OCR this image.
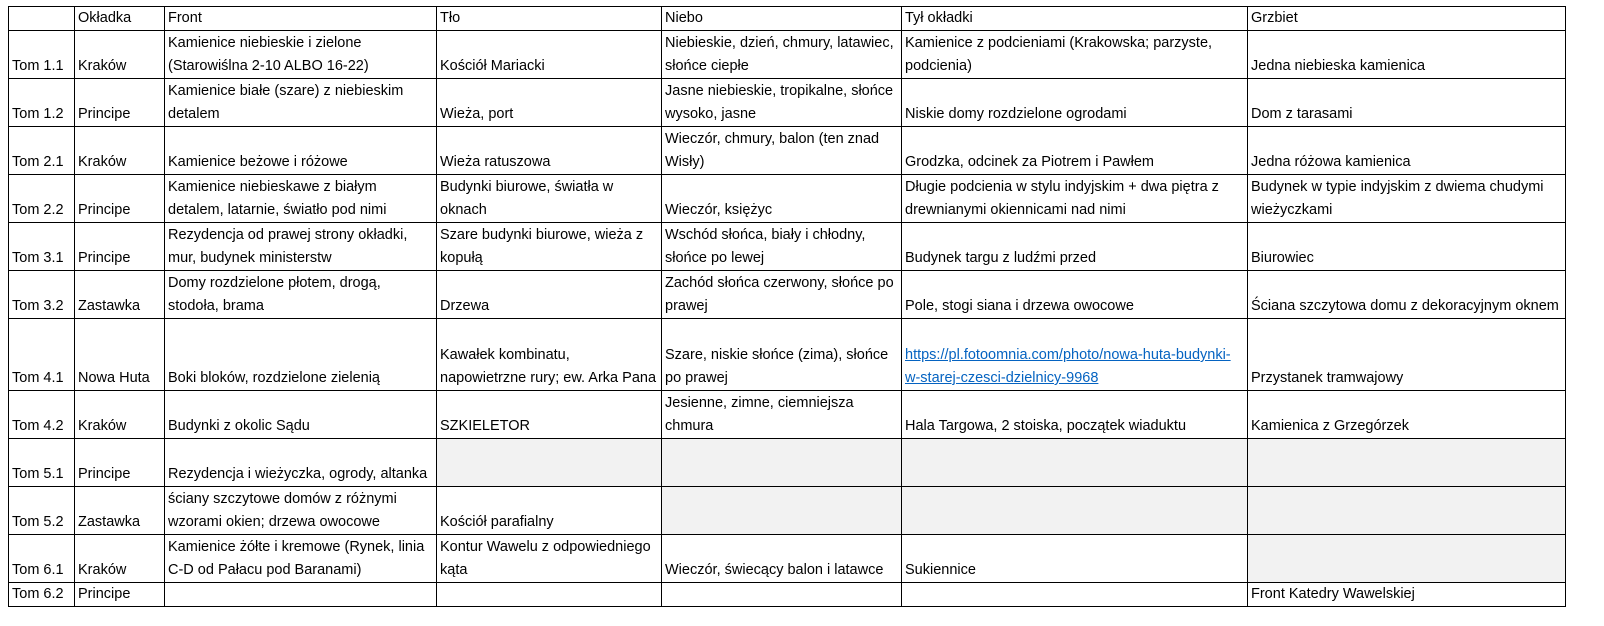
	Okładka	Front	Tło	Niebo	Tył okładki	Grzbiet
Tom 1.1	Kraków	Kamienice niebieskie i zielone (Starowiślna 2-10 ALBO 16-22)	Kościół Mariacki	Niebieskie, dzień, chmury, latawiec, słońce ciepłe	Kamienice z podcieniami (Krakowska; parzyste, podcienia)	Jedna niebieska kamienica
Tom 1.2	Principe	Kamienice białe (szare) z niebieskim detalem	Wieża, port	Jasne niebieskie, tropikalne, słońce wysoko, jasne	Niskie domy rozdzielone ogrodami	Dom z tarasami
Tom 2.1	Kraków	Kamienice beżowe i różowe	Wieża ratuszowa	Wieczór, chmury, balon (ten znad Wisły)	Grodzka, odcinek za Piotrem i Pawłem	Jedna różowa kamienica
Tom 2.2	Principe	Kamienice niebieskawe z białym detalem, latarnie, światło pod nimi	Budynki biurowe, światła w oknach	Wieczór, księżyc	Długie podcienia w stylu indyjskim + dwa piętra z drewnianymi okiennicami nad nimi	Budynek w typie indyjskim z dwiema chudymi wieżyczkami
Tom 3.1	Principe	Rezydencja od prawej strony okładki, mur, budynek ministerstw	Szare budynki biurowe, wieża z kopułą	Wschód słońca, biały i chłodny, słońce po lewej	Budynek targu z ludźmi przed	Biurowiec
Tom 3.2	Zastawka	Domy rozdzielone płotem, drogą, stodoła, brama	Drzewa	Zachód słońca czerwony, słońce po prawej	Pole, stogi siana i drzewa owocowe	Ściana szczytowa domu z dekoracyjnym oknem
Tom 4.1	Nowa Huta	Boki bloków, rozdzielone zielenią	Kawałek kombinatu, napowietrzne rury; ew. Arka Pana	Szare, niskie słońce (zima), słońce po prawej	https://pl.fotoomnia.com/photo/nowa-huta-budynki-w-starej-czesci-dzielnicy-9968	Przystanek tramwajowy
Tom 4.2	Kraków	Budynki z okolic Sądu	SZKIELETOR	Jesienne, zimne, ciemniejsza chmura	Hala Targowa, 2 stoiska, początek wiaduktu	Kamienica z Grzegórzek
Tom 5.1	Principe	Rezydencja i wieżyczka, ogrody, altanka				
Tom 5.2	Zastawka	ściany szczytowe domów z różnymi wzorami okien; drzewa owocowe	Kościół parafialny			
Tom 6.1	Kraków	Kamienice żółte i kremowe (Rynek, linia C-D od Pałacu pod Baranami)	Kontur Wawelu z odpowiedniego kąta	Wieczór, świecący balon i latawce	Sukiennice	
Tom 6.2	Principe					Front Katedry Wawelskiej
